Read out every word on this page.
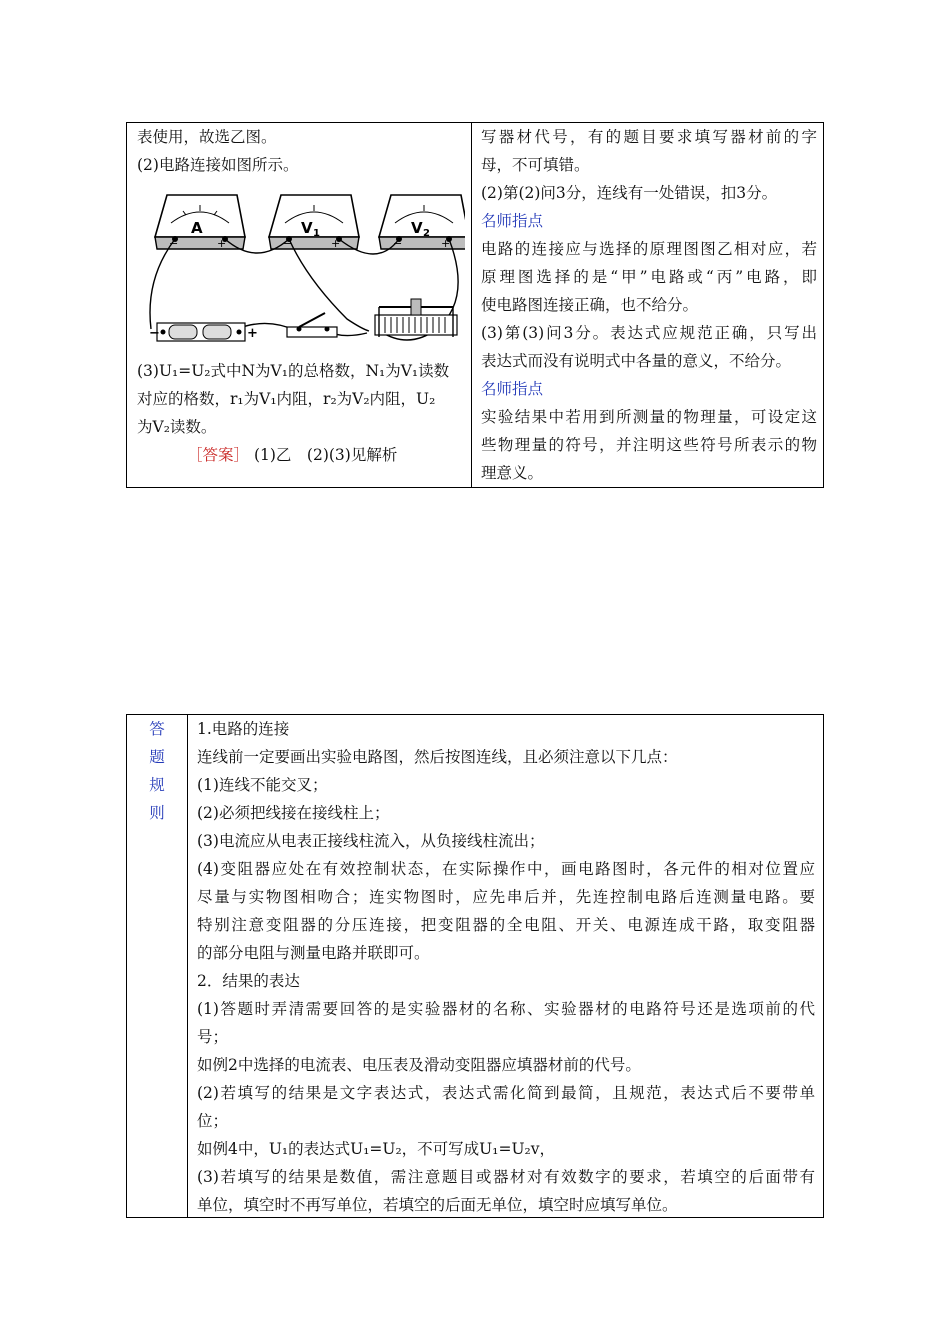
表使用，故选乙图。
(2)电路连接如图所示。
A
−	+
V 1
−	+
V 2
−	+
−	+
(3)U₁=U₂式中N为V₁的总格数，N₁为V₁读数
对应的格数，r₁为V₁内阻，r₂为V₂内阻，U₂
为V₂读数。
［答案］ (1)乙　(2)(3)见解析
写器材代号，有的题目要求填写器材前的字
母，不可填错。
(2)第(2)问3分，连线有一处错误，扣3分。
名师指点
电路的连接应与选择的原理图图乙相对应，若
原理图选择的是“甲”电路或“丙”电路，即
使电路图连接正确，也不给分。
(3)第(3)问3分。表达式应规范正确，只写出
表达式而没有说明式中各量的意义，不给分。
名师指点
实验结果中若用到所测量的物理量，可设定这
些物理量的符号，并注明这些符号所表示的物
理意义。
答
题
规
则
1.电路的连接
连线前一定要画出实验电路图，然后按图连线，且必须注意以下几点：
(1)连线不能交叉；
(2)必须把线接在接线柱上；
(3)电流应从电表正接线柱流入，从负接线柱流出；
(4)变阻器应处在有效控制状态，在实际操作中，画电路图时，各元件的相对位置应
尽量与实物图相吻合；连实物图时，应先串后并，先连控制电路后连测量电路。要
特别注意变阻器的分压连接，把变阻器的全电阻、开关、电源连成干路，取变阻器
的部分电阻与测量电路并联即可。
2．结果的表达
(1)答题时弄清需要回答的是实验器材的名称、实验器材的电路符号还是选项前的代
号；
如例2中选择的电流表、电压表及滑动变阻器应填器材前的代号。
(2)若填写的结果是文字表达式，表达式需化简到最简，且规范，表达式后不要带单
位；
如例4中，U₁的表达式U₁=U₂，不可写成U₁=U₂v，
(3)若填写的结果是数值，需注意题目或器材对有效数字的要求，若填空的后面带有
单位，填空时不再写单位，若填空的后面无单位，填空时应填写单位。
